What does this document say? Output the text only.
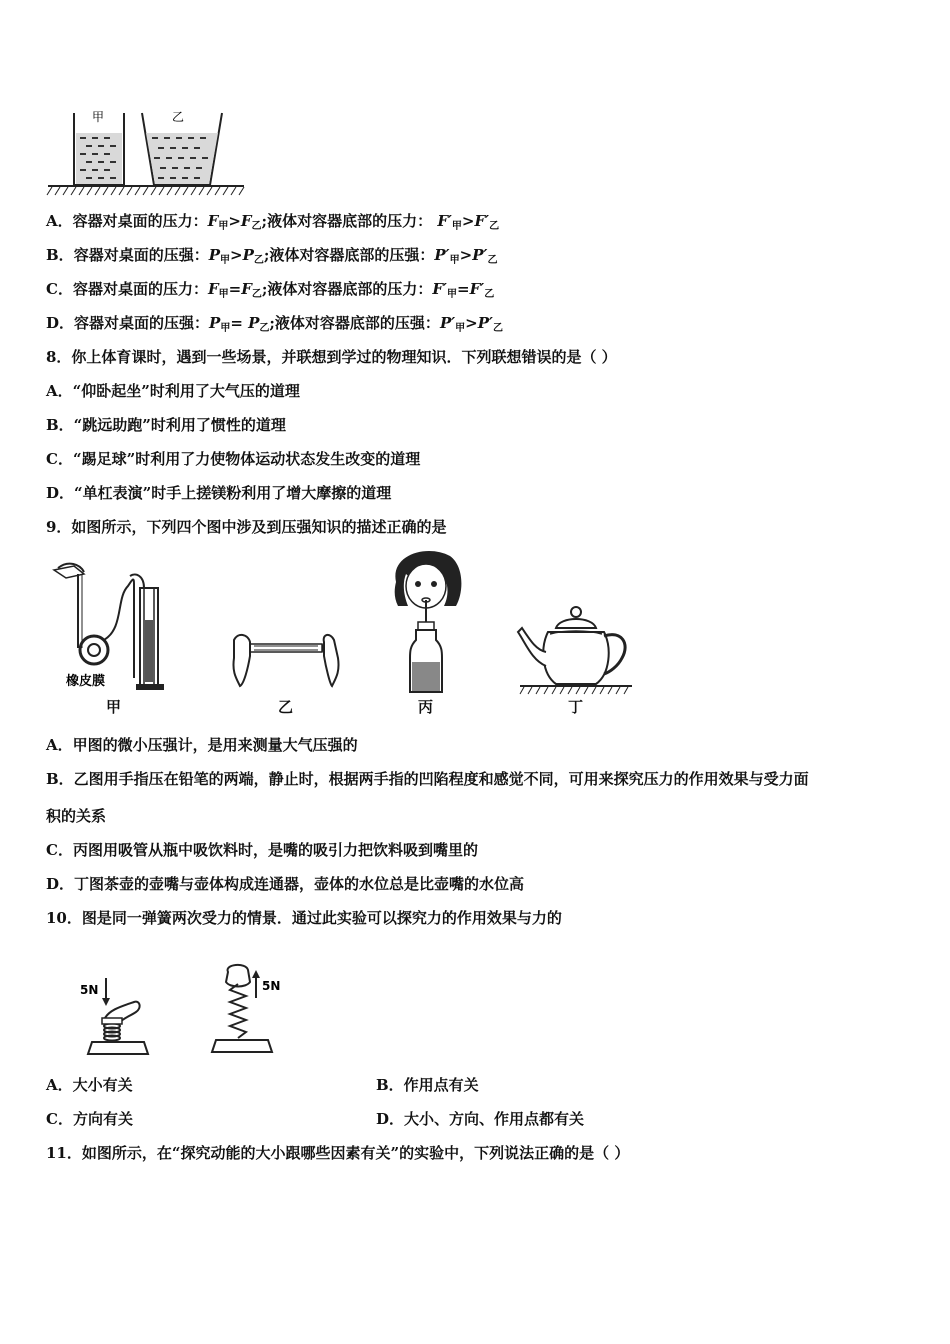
甲	乙
A．容器对桌面的压力：$F_甲>F_乙$;液体对容器底部的压力： $F'_甲>F'_乙$
B．容器对桌面的压强：$P_甲>P_乙$;液体对容器底部的压强：$P'_甲>P'_乙$
C．容器对桌面的压力：$F_甲=F_乙$;液体对容器底部的压力：$F'_甲=F'_乙$
D．容器对桌面的压强：$P_甲= P_乙$;液体对容器底部的压强：$P'_甲>P'_乙$
8．你上体育课时，遇到一些场景，并联想到学过的物理知识．下列联想错误的是（ ）
A．“仰卧起坐”时利用了大气压的道理
B．“跳远助跑”时利用了惯性的道理
C．“踢足球”时利用了力使物体运动状态发生改变的道理
D．“单杠表演”时手上搓镁粉利用了增大摩擦的道理
9．如图所示，下列四个图中涉及到压强知识的描述正确的是
橡皮膜
甲	乙	丙	丁
A．甲图的微小压强计，是用来测量大气压强的
B．乙图用手指压在铅笔的两端，静止时，根据两手指的凹陷程度和感觉不同，可用来探究压力的作用效果与受力面
积的关系
C．丙图用吸管从瓶中吸饮料时，是嘴的吸引力把饮料吸到嘴里的
D．丁图茶壶的壶嘴与壶体构成连通器，壶体的水位总是比壶嘴的水位高
10．图是同一弹簧两次受力的情景．通过此实验可以探究力的作用效果与力的
5N	5N
A．大小有关	B．作用点有关
C．方向有关	D．大小、方向、作用点都有关
11．如图所示，在“探究动能的大小跟哪些因素有关”的实验中，下列说法正确的是（ ）
